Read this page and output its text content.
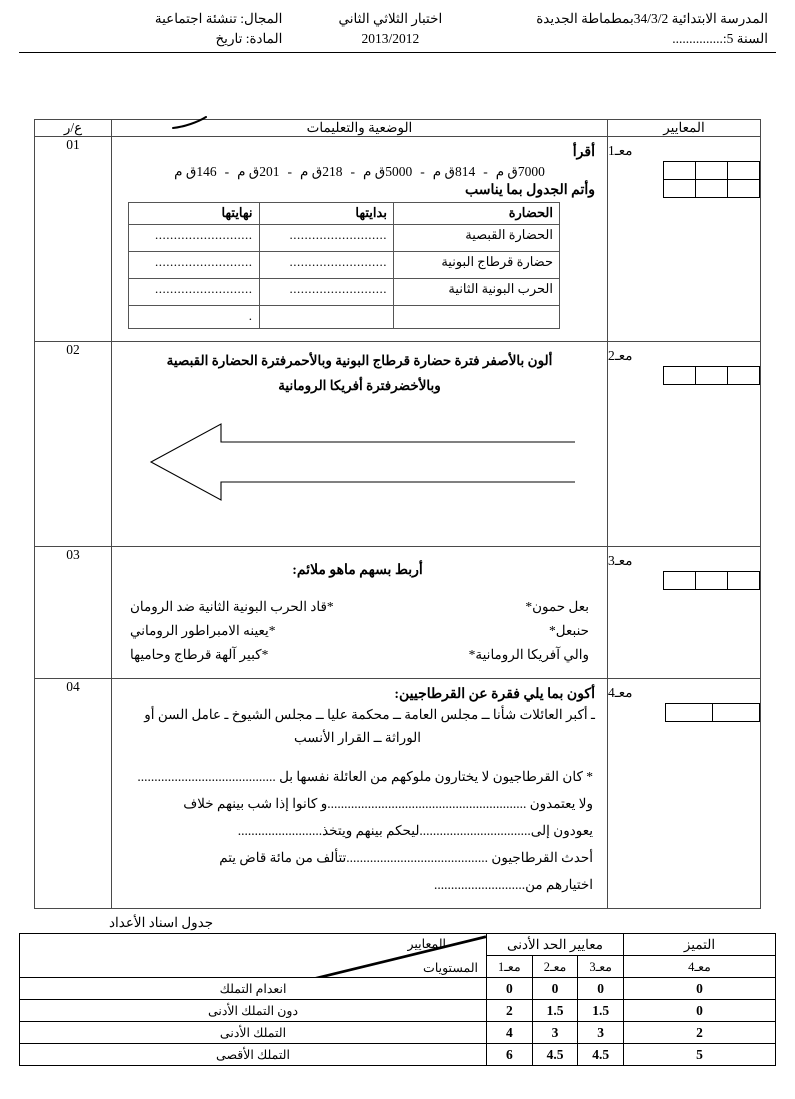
المدرسة الابتدائية 34/3/2بمطماطة الجديدة
السنة 5:...............

اختبار الثلاثي الثاني
2013/2012

المجال: تنشئة اجتماعية
المادة: تاريخ
المعايير	الوضعية والتعليمات	ع/ر

معـ1

أقرأ
7000ق م-814ق م-5000ق م-218ق م-201ق م-146ق م
وأتم الجدول بما يناسب
الحضارة	بدايتها	نهايتها
الحضارة القبصية	..........................	..........................
حضارة قرطاج البونية	..........................	..........................
الحرب البونية الثانية	..........................	..........................
		.
	01

معـ2

ألون بالأصفر فترة حضارة قرطاج البونية وبالأحمرفترة الحضارة القبصية
وبالأخضرفترة أفريكا الرومانية
	02

معـ3

أربط بسهم ماهو ملائم:
بعل حمون*
حنبعل*
والي آفريكا الرومانية*
*قاد الحرب البونية الثانية ضد الرومان
*يعينه الامبراطور الروماني
*كبير آلهة قرطاج وحاميها
	03

معـ4

أكون بما يلي فقرة عن القرطاجيين:
ـ أكبر العائلات شأنا ــ مجلس العامة ــ محكمة عليا ــ مجلس الشيوخ ـ عامل السن أو
الوراثة ــ القرار الأنسب
* كان القرطاجيون لا يختارون ملوكهم من العائلة نفسها بل .........................................
ولا يعتمدون ...........................................................و كانوا إذا شب بينهم خلاف
يعودون إلى.................................ليحكم بينهم ويتخذ.........................
أحدث القرطاجيون ..........................................تتألف من مائة قاض يتم
اختيارهم من...........................
	04
جدول اسناد الأعداد
التميز	معايير الحد الأدنى			المعايير
المستويات

معـ4	معـ3	معـ2	معـ1	
0	0	0	0	انعدام التملك
0	1.5	1.5	2	دون التملك الأدنى
2	3	3	4	التملك الأدنى
5	4.5	4.5	6	التملك الأقصى
